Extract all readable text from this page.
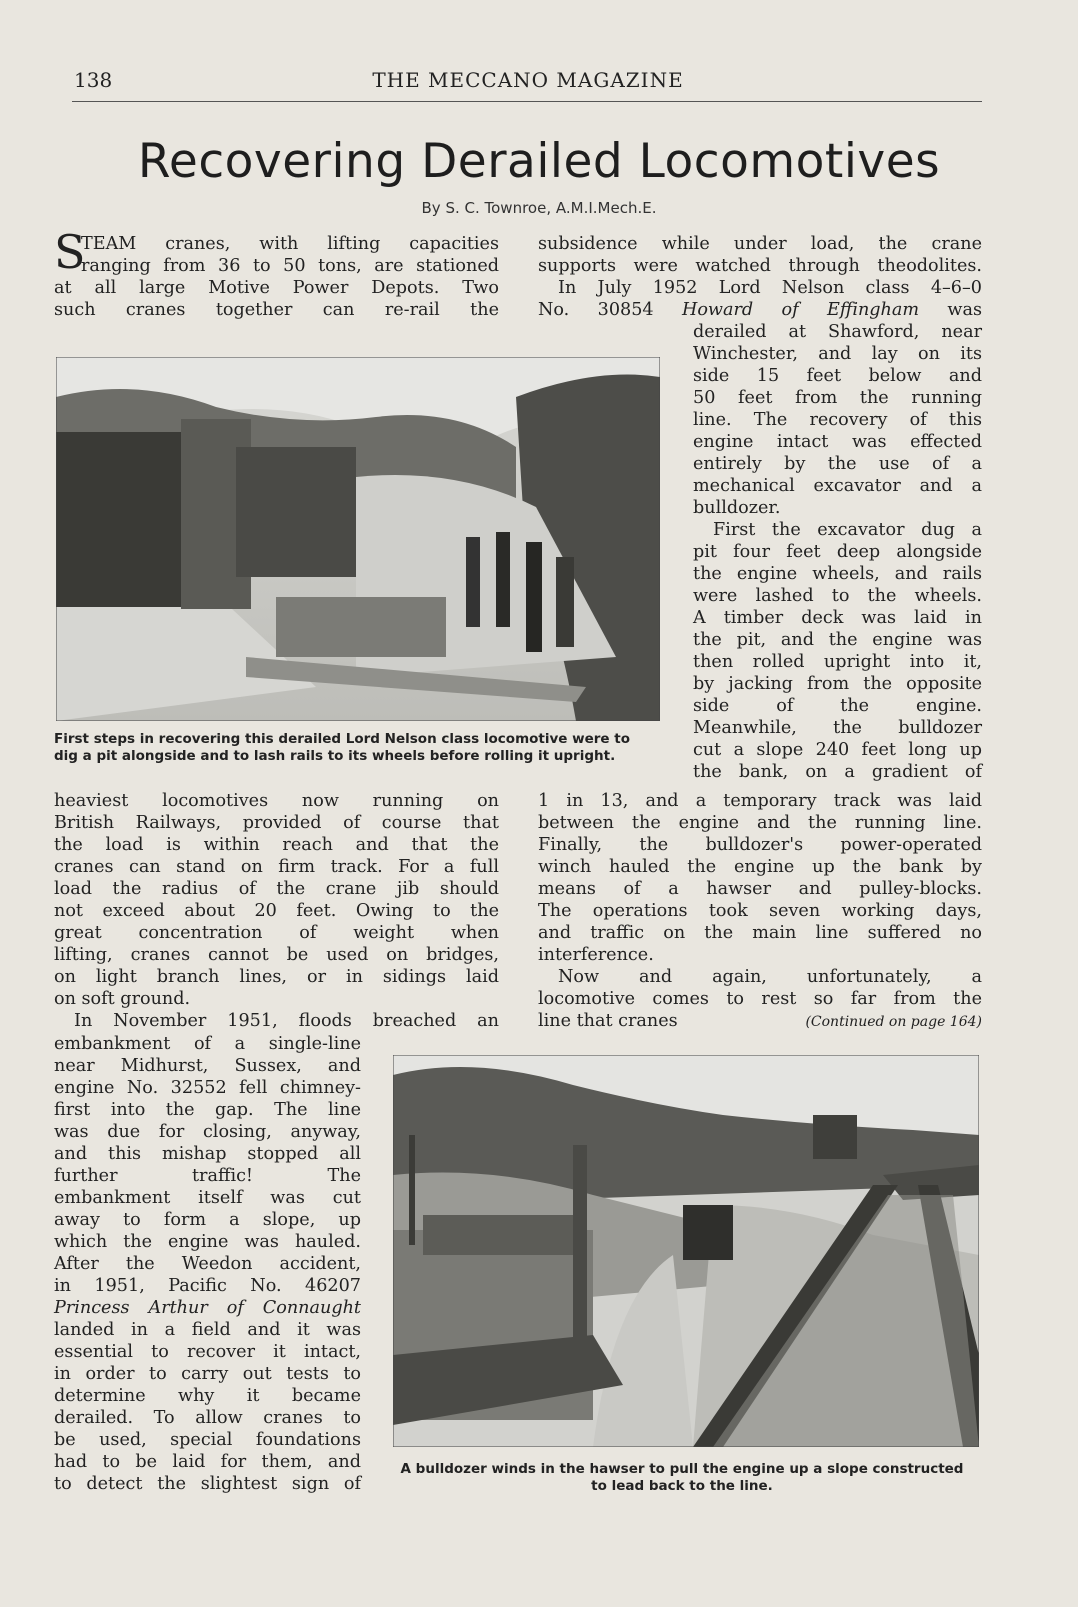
138	THE MECCANO MAGAZINE
Recovering Derailed Locomotives
By S. C. Townroe, A.M.I.Mech.E.
S
TEAM cranes, with lifting capacities
ranging from 36 to 50 tons, are stationed
at all large Motive Power Depots. Two
such cranes together can re-rail the
subsidence while under load, the crane
supports were watched through theodolites.
In July 1952 Lord Nelson class 4–6–0
No. 30854 Howard of Effingham was
First steps in recovering this derailed Lord Nelson class locomotive were to
dig a pit alongside and to lash rails to its wheels before rolling it upright.
derailed at Shawford, near
Winchester, and lay on its
side 15 feet below and
50 feet from the running
line. The recovery of this
engine intact was effected
entirely by the use of a
mechanical excavator and a
bulldozer.
First the excavator dug a
pit four feet deep alongside
the engine wheels, and rails
were lashed to the wheels.
A timber deck was laid in
the pit, and the engine was
then rolled upright into it,
by jacking from the opposite
side of the engine.
Meanwhile, the bulldozer
cut a slope 240 feet long up
the bank, on a gradient of
heaviest locomotives now running on
British Railways, provided of course that
the load is within reach and that the
cranes can stand on firm track. For a full
load the radius of the crane jib should
not exceed about 20 feet. Owing to the
great concentration of weight when
lifting, cranes cannot be used on bridges,
on light branch lines, or in sidings laid
on soft ground.
In November 1951, floods breached an
1 in 13, and a temporary track was laid
between the engine and the running line.
Finally, the bulldozer's power-operated
winch hauled the engine up the bank by
means of a hawser and pulley-blocks.
The operations took seven working days,
and traffic on the main line suffered no
interference.
Now and again, unfortunately, a
locomotive comes to rest so far from the
line that cranes	(Continued on page 164)
embankment of a single-line
near Midhurst, Sussex, and
engine No. 32552 fell chimney-
first into the gap. The line
was due for closing, anyway,
and this mishap stopped all
further traffic! The
embankment itself was cut
away to form a slope, up
which the engine was hauled.
After the Weedon accident,
in 1951, Pacific No. 46207
Princess Arthur of Connaught
landed in a field and it was
essential to recover it intact,
in order to carry out tests to
determine why it became
derailed. To allow cranes to
be used, special foundations
had to be laid for them, and
to detect the slightest sign of
A bulldozer winds in the hawser to pull the engine up a slope constructed
to lead back to the line.
